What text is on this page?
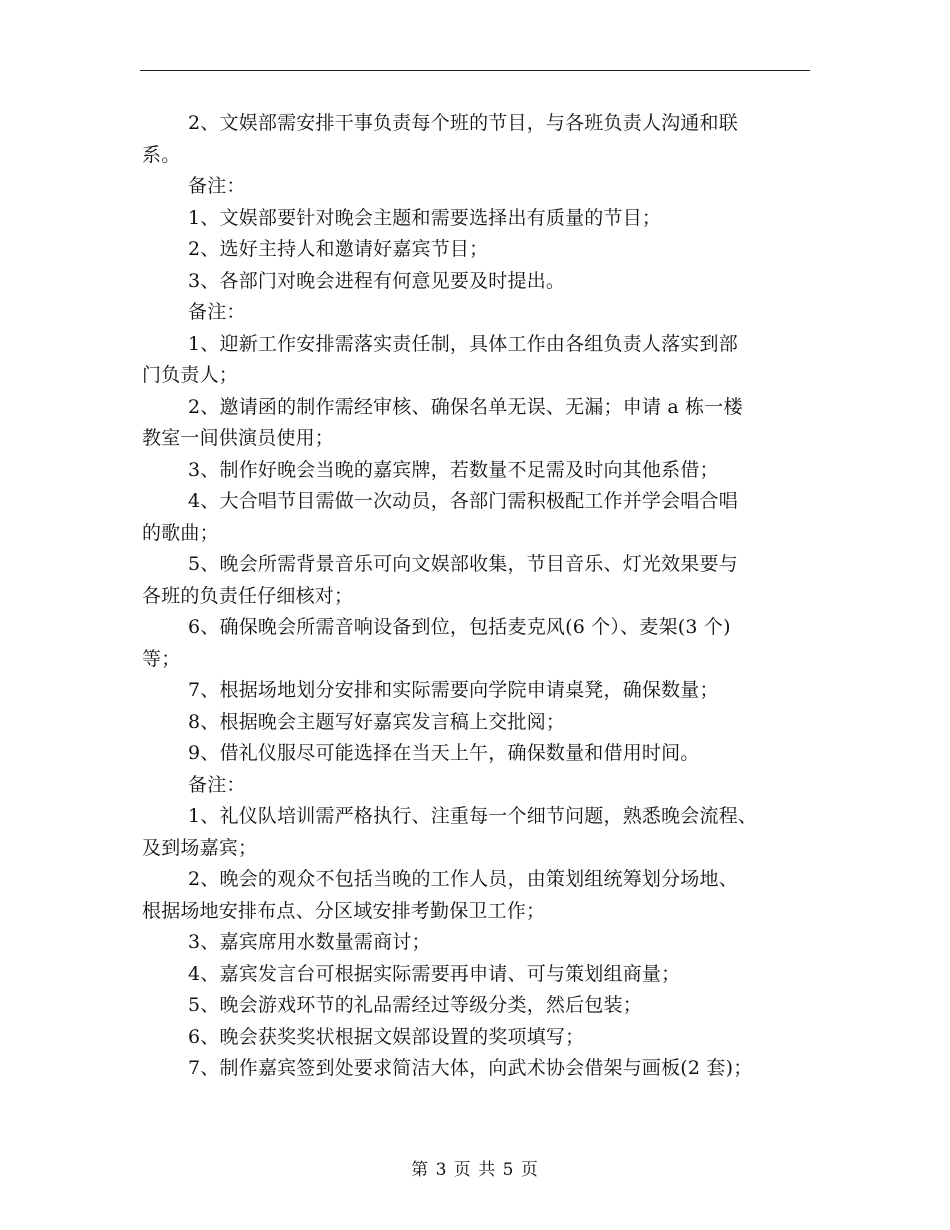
2、文娱部需安排干事负责每个班的节目，与各班负责人沟通和联
系。
备注：
1、文娱部要针对晚会主题和需要选择出有质量的节目；
2、选好主持人和邀请好嘉宾节目；
3、各部门对晚会进程有何意见要及时提出。
备注：
1、迎新工作安排需落实责任制，具体工作由各组负责人落实到部
门负责人；
2、邀请函的制作需经审核、确保名单无误、无漏；申请 a 栋一楼
教室一间供演员使用；
3、制作好晚会当晚的嘉宾牌，若数量不足需及时向其他系借；
4、大合唱节目需做一次动员，各部门需积极配工作并学会唱合唱
的歌曲；
5、晚会所需背景音乐可向文娱部收集，节目音乐、灯光效果要与
各班的负责任仔细核对；
6、确保晚会所需音响设备到位，包括麦克风(6 个）、麦架(3 个)
等；
7、根据场地划分安排和实际需要向学院申请桌凳，确保数量；
8、根据晚会主题写好嘉宾发言稿上交批阅；
9、借礼仪服尽可能选择在当天上午，确保数量和借用时间。
备注：
1、礼仪队培训需严格执行、注重每一个细节问题，熟悉晚会流程、
及到场嘉宾；
2、晚会的观众不包括当晚的工作人员，由策划组统筹划分场地、
根据场地安排布点、分区域安排考勤保卫工作；
3、嘉宾席用水数量需商讨；
4、嘉宾发言台可根据实际需要再申请、可与策划组商量；
5、晚会游戏环节的礼品需经过等级分类，然后包装；
6、晚会获奖奖状根据文娱部设置的奖项填写；
7、制作嘉宾签到处要求简洁大体，向武术协会借架与画板(2 套)；
第 3 页 共 5 页
